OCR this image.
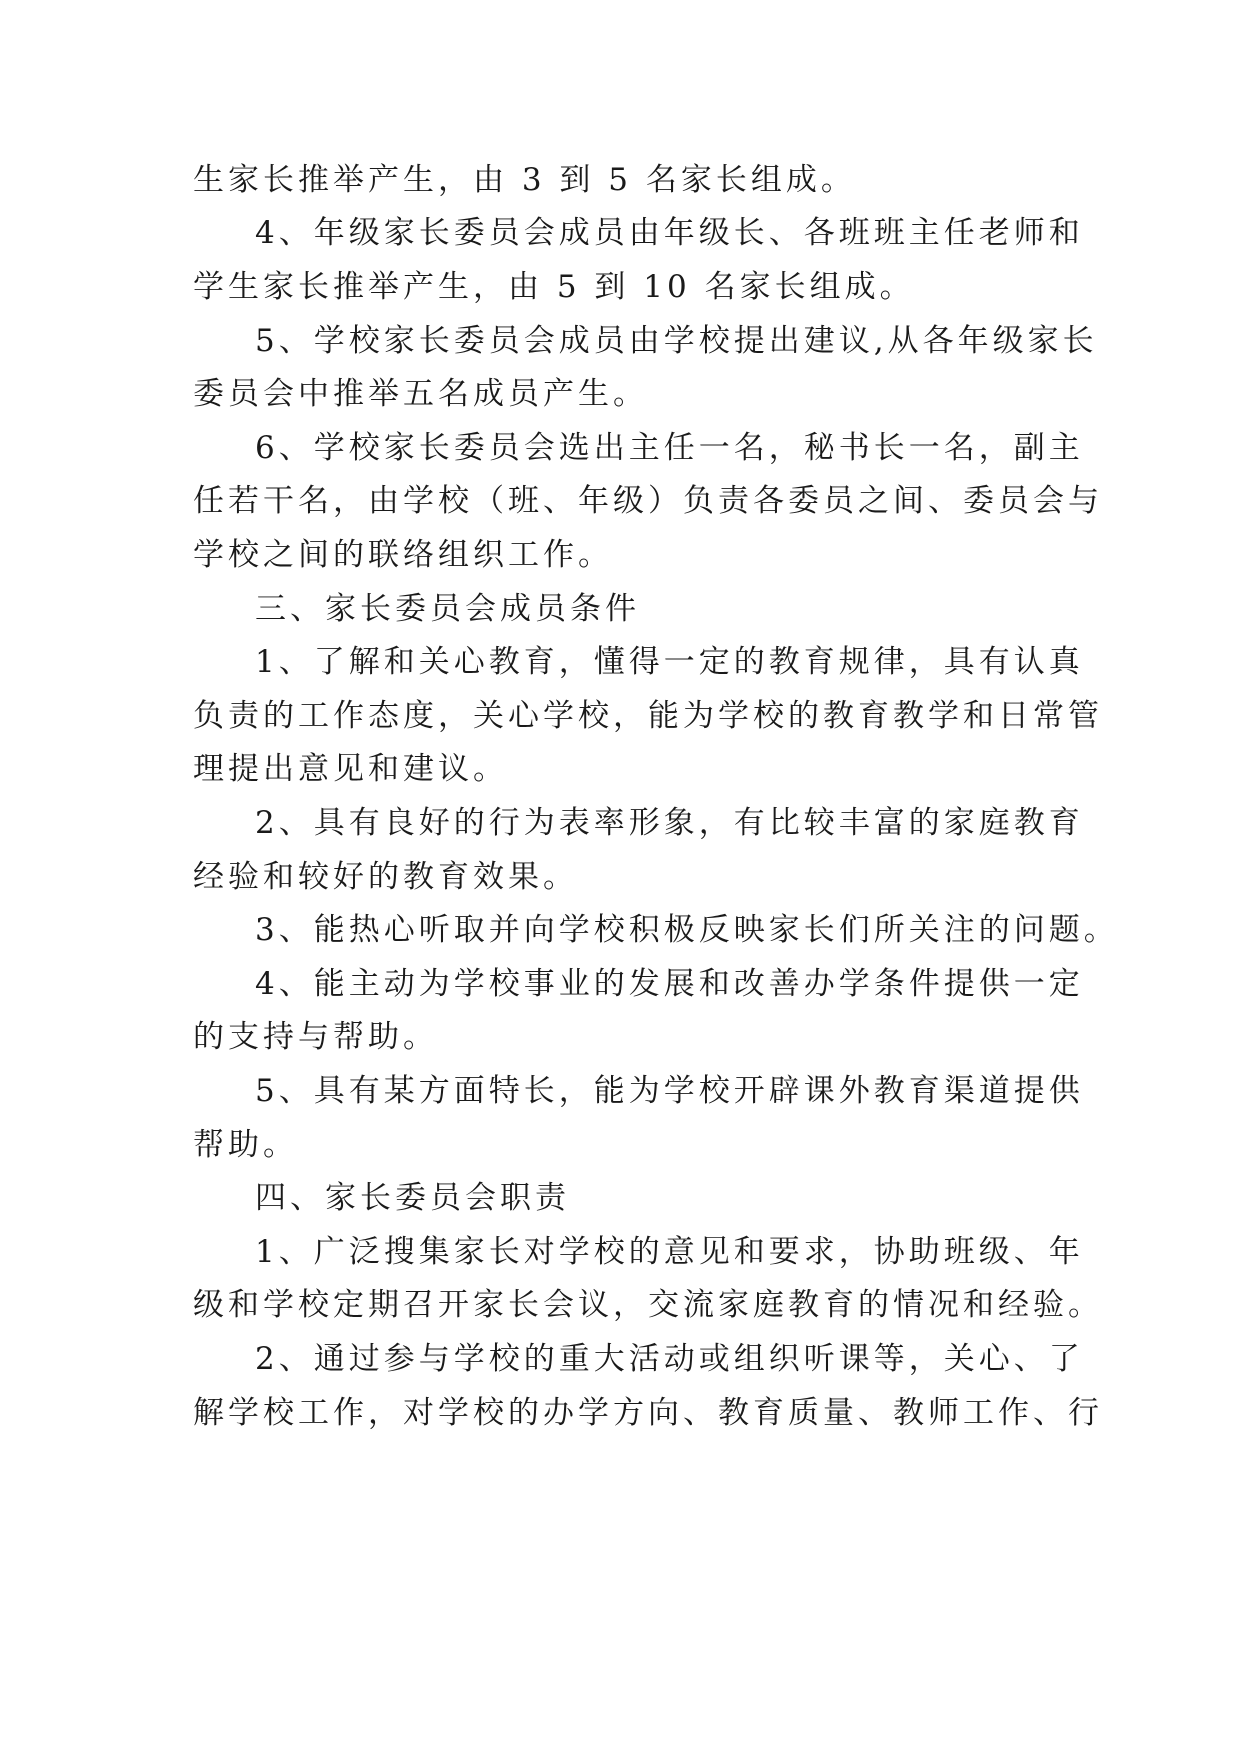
生家长推举产生，由 3 到 5 名家长组成。
4、年级家长委员会成员由年级长、各班班主任老师和
学生家长推举产生，由 5 到 10 名家长组成。
5、学校家长委员会成员由学校提出建议,从各年级家长
委员会中推举五名成员产生。
6、学校家长委员会选出主任一名，秘书长一名，副主
任若干名，由学校（班、年级）负责各委员之间、委员会与
学校之间的联络组织工作。
三、家长委员会成员条件
1、了解和关心教育，懂得一定的教育规律，具有认真
负责的工作态度，关心学校，能为学校的教育教学和日常管
理提出意见和建议。
2、具有良好的行为表率形象，有比较丰富的家庭教育
经验和较好的教育效果。
3、能热心听取并向学校积极反映家长们所关注的问题。
4、能主动为学校事业的发展和改善办学条件提供一定
的支持与帮助。
5、具有某方面特长，能为学校开辟课外教育渠道提供
帮助。
四、家长委员会职责
1、广泛搜集家长对学校的意见和要求，协助班级、年
级和学校定期召开家长会议，交流家庭教育的情况和经验。
2、通过参与学校的重大活动或组织听课等，关心、了
解学校工作，对学校的办学方向、教育质量、教师工作、行
